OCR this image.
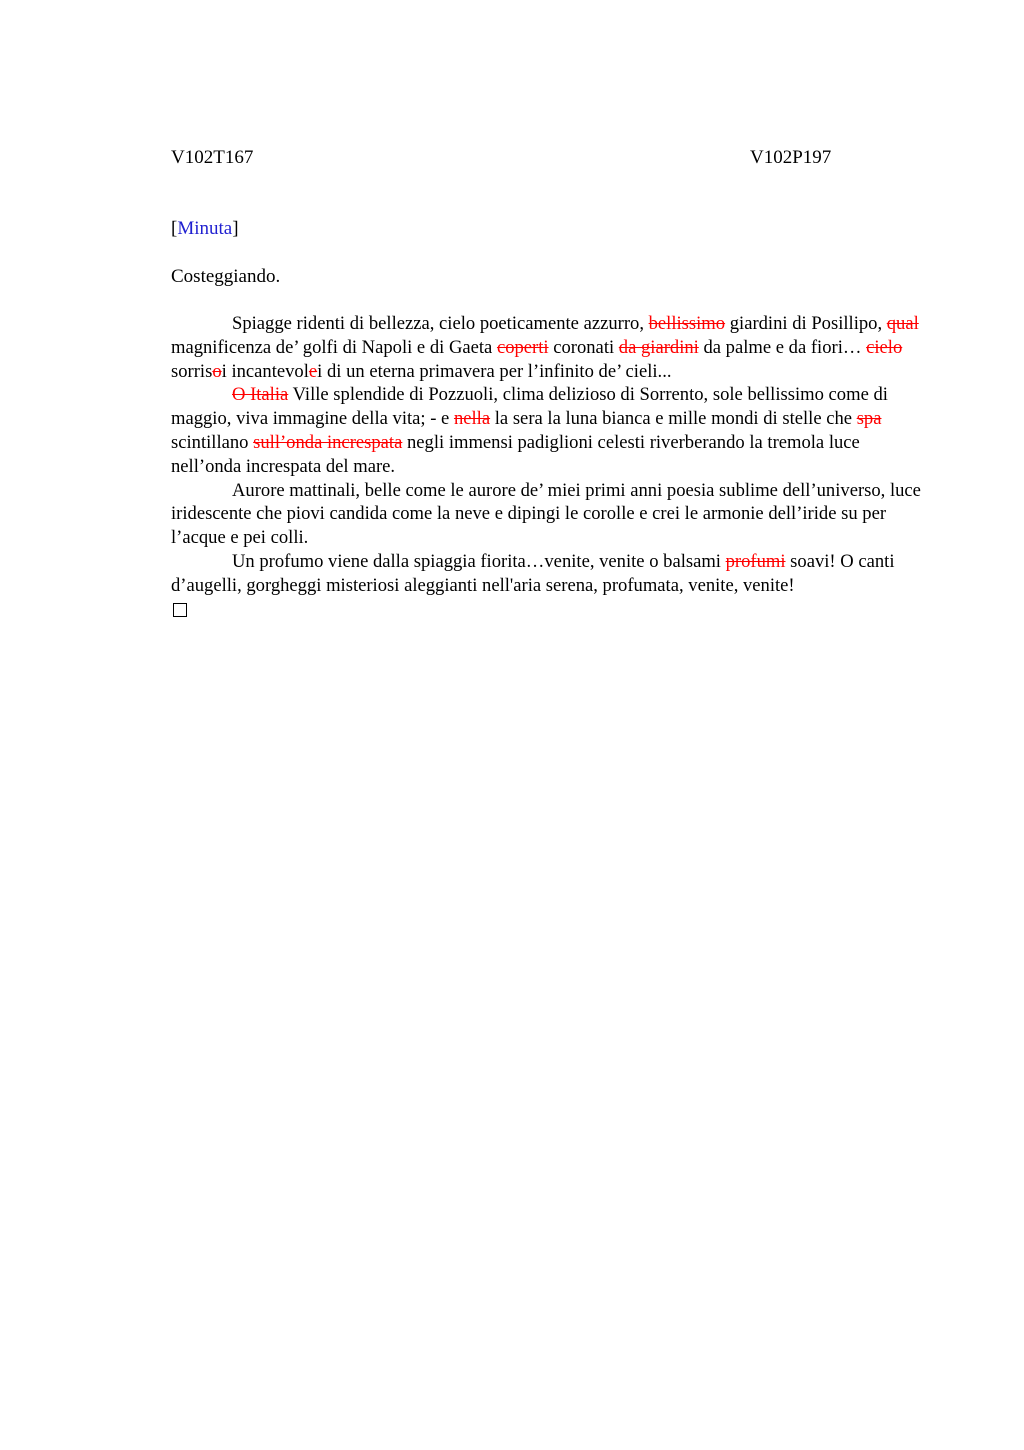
V102T167	V102P197
[Minuta]
Costeggiando.

Spiagge ridenti di bellezza, cielo poeticamente azzurro, bellissimo giardini di Posillipo, qual magnificenza de’ golfi di Napoli e di Gaeta coperti coronati da giardini da palme e da fiori… cielo sorrisoi incantevolei di un eterna primavera per l’infinito de’ cieli...

O Italia Ville splendide di Pozzuoli, clima delizioso di Sorrento, sole bellissimo come di maggio, viva immagine della vita; - e nella la sera la luna bianca e mille mondi di stelle che spa scintillano sull’onda increspata negli immensi padiglioni celesti riverberando la tremola luce nell’onda increspata del mare.

Aurore mattinali, belle come le aurore de’ miei primi anni poesia sublime dell’universo, luce iridescente che piovi candida come la neve e dipingi le corolle e crei le armonie dell’iride su per l’acque e pei colli.

Un profumo viene dalla spiaggia fiorita…venite, venite o balsami profumi soavi! O canti d’augelli, gorgheggi misteriosi aleggianti nell'aria serena, profumata, venite, venite!
